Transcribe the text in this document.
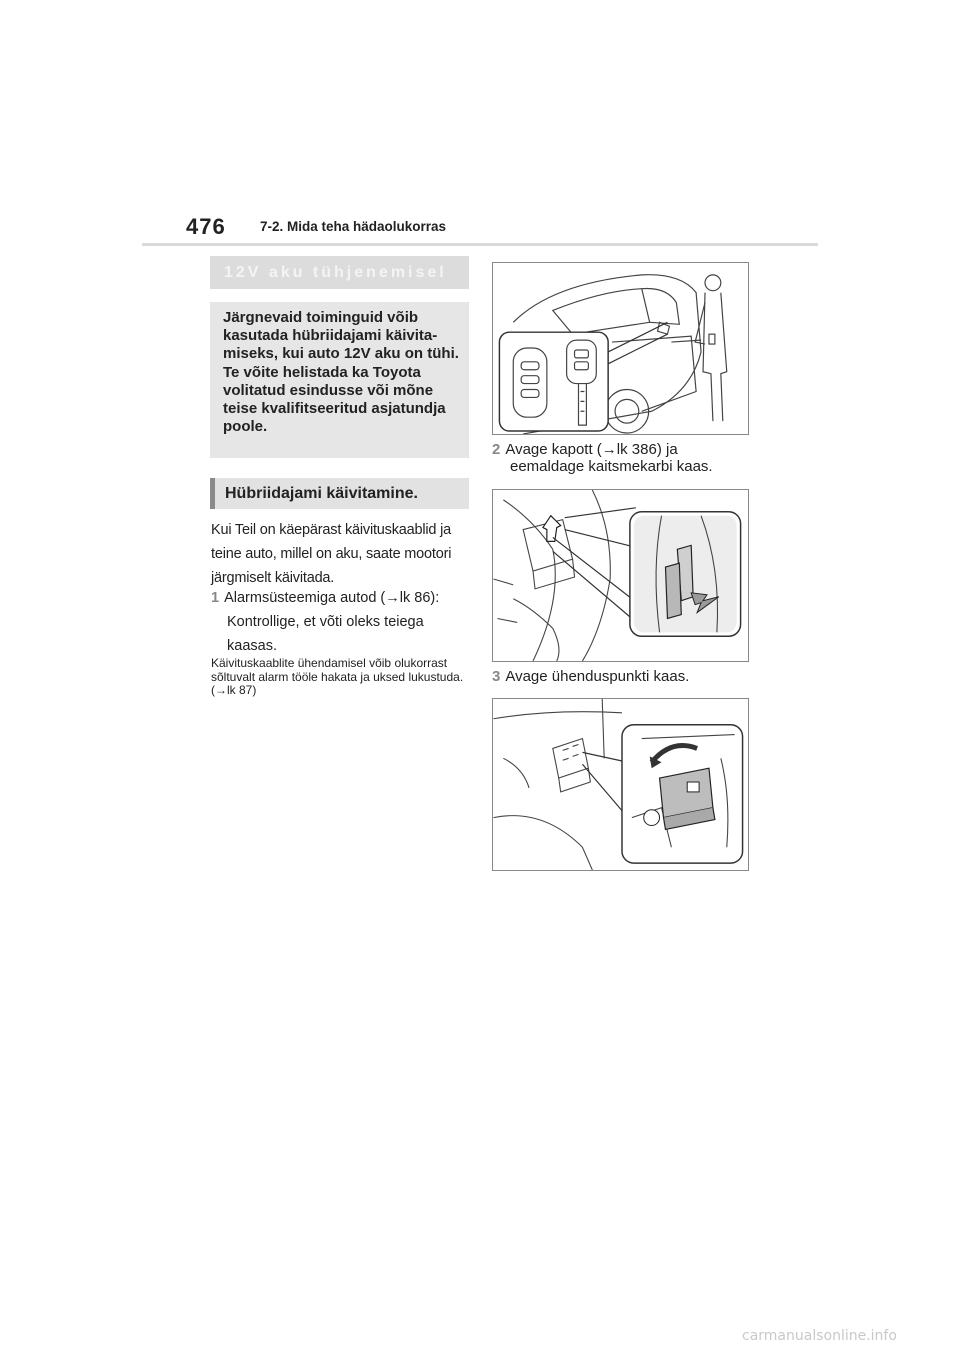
476	7-2. Mida teha hädaolukorras
12V aku tühjenemisel

Järgnevaid toiminguid võib kasutada hübriidajami käivita- miseks, kui auto 12V aku on tühi.

Te võite helistada ka Toyota volitatud esindusse või mõne teise kvalifitseeritud asjatundja poole.

Hübriidajami käivitamine.

Kui Teil on käepärast käivituskaablid ja teine auto, millel on aku, saate mootori järgmiselt käivitada.

1 Alarmsüsteemiga autod (→lk 86):
Kontrollige, et võti oleks teiega kaasas.

Käivituskaablite ühendamisel võib olukorrast sõltuvalt alarm tööle hakata ja uksed lukustuda. (→lk 87)

2 Avage kapott (→lk 386) ja
eemaldage kaitsmekarbi kaas.
3 Avage ühenduspunkti kaas.
carmanualsonline.info
